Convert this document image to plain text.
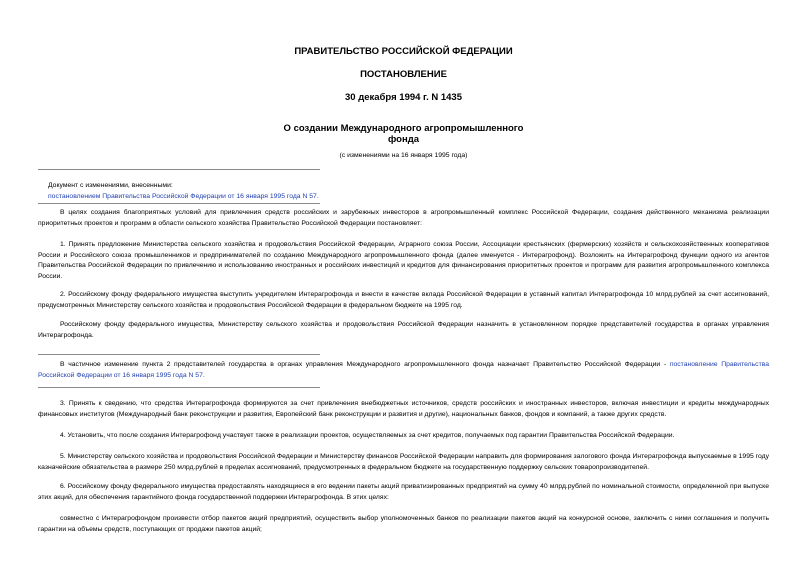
ПРАВИТЕЛЬСТВО РОССИЙСКОЙ ФЕДЕРАЦИИ
ПОСТАНОВЛЕНИЕ
30 декабря 1994 г. N 1435
О создании Международного агропромышленного
фонда
(с изменениями на 16 января 1995 года)
Документ с изменениями, внесенными:
постановлением Правительства Российской Федерации от 16 января 1995 года N 57.
В целях создания благоприятных условий для привлечения средств российских и зарубежных инвесторов в агропромышленный комплекс Российской Федерации, создания действенного механизма реализации приоритетных проектов и программ в области сельского хозяйства Правительство Российской Федерации постановляет:
1. Принять предложение Министерства сельского хозяйства и продовольствия Российской Федерации, Аграрного союза России, Ассоциации крестьянских (фермерских) хозяйств и сельскохозяйственных кооперативов России и Российского союза промышленников и предпринимателей по созданию Международного агропромышленного фонда (далее именуется - Интерагрофонд). Возложить на Интерагрофонд функции одного из агентов Правительства Российской Федерации по привлечению и использованию иностранных и российских инвестиций и кредитов для финансирования приоритетных проектов и программ для развития агропромышленного комплекса России.
2. Российскому фонду федерального имущества выступить учредителем Интерагрофонда и внести в качестве вклада Российской Федерации в уставный капитал Интерагрофонда 10 млрд.рублей за счет ассигнований, предусмотренных Министерству сельского хозяйства и продовольствия Российской Федерации в федеральном бюджете на 1995 год.
Российскому фонду федерального имущества, Министерству сельского хозяйства и продовольствия Российской Федерации назначить в установленном порядке представителей государства в органах управления Интерагрофонда.
В частичное изменение пункта 2 представителей государства в органах управления Международного агропромышленного фонда назначает Правительство Российской Федерации - постановление Правительства Российской Федерации от 16 января 1995 года N 57.
3. Принять к сведению, что средства Интерагрофонда формируются за счет привлечения внебюджетных источников, средств российских и иностранных инвесторов, включая инвестиции и кредиты международных финансовых институтов (Международный банк реконструкции и развития, Европейский банк реконструкции и развития и другие), национальных банков, фондов и компаний, а также других средств.
4. Установить, что после создания Интерагрофонд участвует также в реализации проектов, осуществляемых за счет кредитов, получаемых под гарантии Правительства Российской Федерации.
5. Министерству сельского хозяйства и продовольствия Российской Федерации и Министерству финансов Российской Федерации направить для формирования залогового фонда Интерагрофонда выпускаемые в 1995 году казначейские обязательства в размере 250 млрд.рублей в пределах ассигнований, предусмотренных в федеральном бюджете на государственную поддержку сельских товаропроизводителей.
6. Российскому фонду федерального имущества предоставлять находящиеся в его ведении пакеты акций приватизированных предприятий на сумму 40 млрд.рублей по номинальной стоимости, определенной при выпуске этих акций, для обеспечения гарантийного фонда государственной поддержки Интерагрофонда. В этих целях:
совместно с Интерагрофондом произвести отбор пакетов акций предприятий, осуществить выбор уполномоченных банков по реализации пакетов акций на конкурсной основе, заключить с ними соглашения и получить гарантии на объемы средств, поступающих от продажи пакетов акций;
